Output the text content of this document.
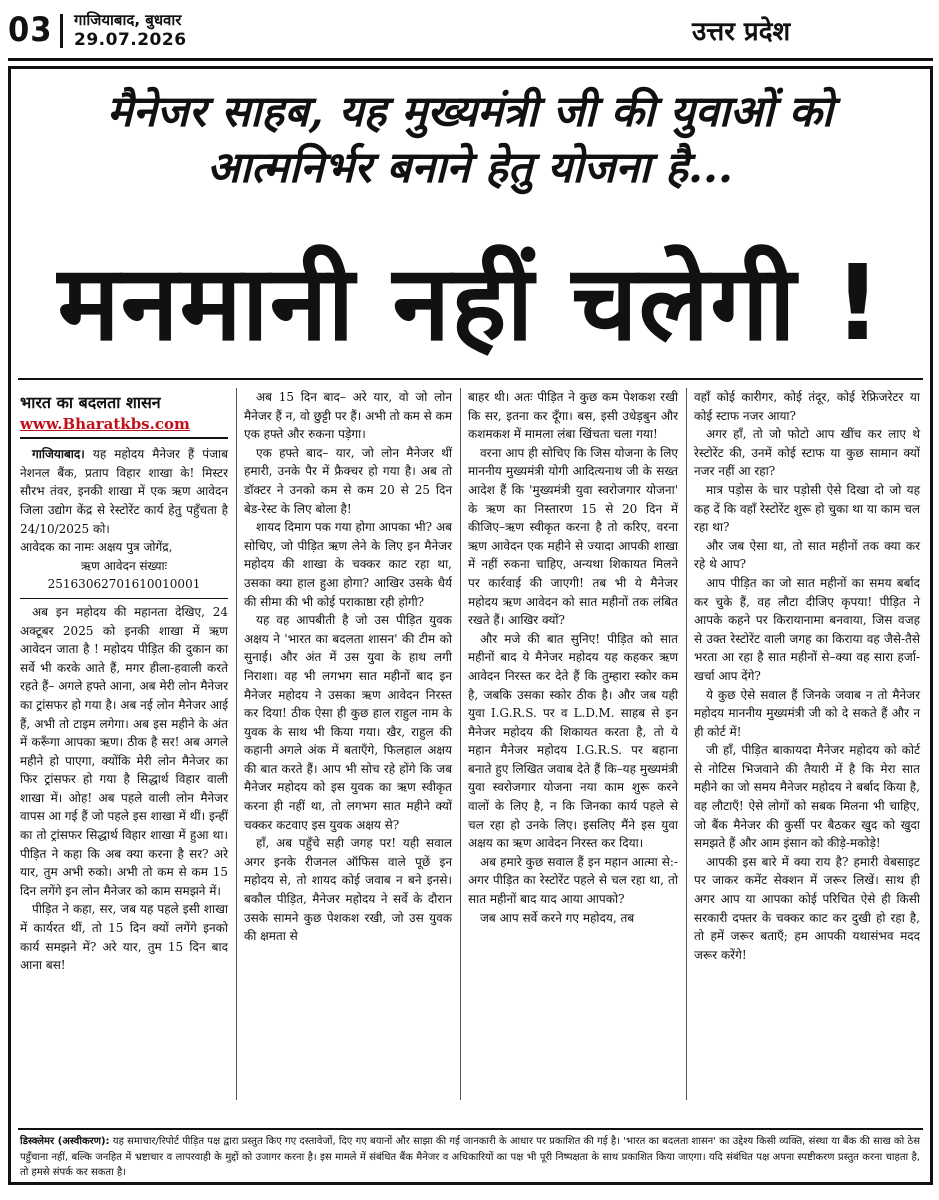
03 गाजियाबाद, बुधवार
29.07.2026	उत्तर प्रदेश
मैनेजर साहब, यह मुख्यमंत्री जी की युवाओं को
आत्मनिर्भर बनाने हेतु योजना है...
मनमानी नहीं चलेगी !
भारत का बदलता शासन
www.Bharatkbs.com

गाजियाबाद। यह महोदय मैनेजर हैं पंजाब नेशनल बैंक, प्रताप विहार शाखा के! मिस्टर सौरभ तंवर, इनकी शाखा में एक ऋण आवेदन जिला उद्योग केंद्र से रेस्टोरेंट कार्य हेतु पहुँचता है 24/10/2025 को।

आवेदक का नामः अक्षय पुत्र जोगेंद्र,

ऋण आवेदन संख्याः

25163062701610010001

अब इन महोदय की महानता देखिए, 24 अक्टूबर 2025 को इनकी शाखा में ऋण आवेदन जाता है ! महोदय पीड़ित की दुकान का सर्वे भी करके आते हैं, मगर हीला-हवाली करते रहते हैं– अगले हफ्ते आना, अब मेरी लोन मैनेजर का ट्रांसफर हो गया है। अब नई लोन मैनेजर आई हैं, अभी तो टाइम लगेगा। अब इस महीने के अंत में करूँगा आपका ऋण। ठीक है सर! अब अगले महीने हो पाएगा, क्योंकि मेरी लोन मैनेजर का फिर ट्रांसफर हो गया है सिद्धार्थ विहार वाली शाखा में। ओह! अब पहले वाली लोन मैनेजर वापस आ गई हैं जो पहले इस शाखा में थीं। इन्हीं का तो ट्रांसफर सिद्धार्थ विहार शाखा में हुआ था। पीड़ित ने कहा कि अब क्या करना है सर? अरे यार, तुम अभी रुको। अभी तो कम से कम 15 दिन लगेंगे इन लोन मैनेजर को काम समझने में।

पीड़ित ने कहा, सर, जब यह पहले इसी शाखा में कार्यरत थीं, तो 15 दिन क्यों लगेंगे इनको कार्य समझने में? अरे यार, तुम 15 दिन बाद आना बस!

अब 15 दिन बाद– अरे यार, वो जो लोन मैनेजर हैं न, वो छुट्टी पर हैं। अभी तो कम से कम एक हफ्ते और रुकना पड़ेगा।

एक हफ्ते बाद– यार, जो लोन मैनेजर थीं हमारी, उनके पैर में फ्रैक्चर हो गया है। अब तो डॉक्टर ने उनको कम से कम 20 से 25 दिन बेड-रेस्ट के लिए बोला है!

शायद दिमाग पक गया होगा आपका भी? अब सोचिए, जो पीड़ित ऋण लेने के लिए इन मैनेजर महोदय की शाखा के चक्कर काट रहा था, उसका क्या हाल हुआ होगा? आखिर उसके धैर्य की सीमा की भी कोई पराकाष्ठा रही होगी?

यह वह आपबीती है जो उस पीड़ित युवक अक्षय ने 'भारत का बदलता शासन' की टीम को सुनाई। और अंत में उस युवा के हाथ लगी निराशा। वह भी लगभग सात महीनों बाद इन मैनेजर महोदय ने उसका ऋण आवेदन निरस्त कर दिया! ठीक ऐसा ही कुछ हाल राहुल नाम के युवक के साथ भी किया गया। खैर, राहुल की कहानी अगले अंक में बताएँगे, फिलहाल अक्षय की बात करते हैं। आप भी सोच रहे होंगे कि जब मैनेजर महोदय को इस युवक का ऋण स्वीकृत करना ही नहीं था, तो लगभग सात महीने क्यों चक्कर कटवाए इस युवक अक्षय से?

हाँ, अब पहुँचे सही जगह पर! यही सवाल अगर इनके रीजनल ऑफिस वाले पूछें इन महोदय से, तो शायद कोई जवाब न बने इनसे। बकौल पीड़ित, मैनेजर महोदय ने सर्वे के दौरान उसके सामने कुछ पेशकश रखी, जो उस युवक की क्षमता से

बाहर थी। अतः पीड़ित ने कुछ कम पेशकश रखी कि सर, इतना कर दूँगा। बस, इसी उधेड़बुन और कशमकश में मामला लंबा खिंचता चला गया!

वरना आप ही सोचिए कि जिस योजना के लिए माननीय मुख्यमंत्री योगी आदित्यनाथ जी के सख्त आदेश हैं कि 'मुख्यमंत्री युवा स्वरोजगार योजना' के ऋण का निस्तारण 15 से 20 दिन में कीजिए–ऋण स्वीकृत करना है तो करिए, वरना ऋण आवेदन एक महीने से ज्यादा आपकी शाखा में नहीं रुकना चाहिए, अन्यथा शिकायत मिलने पर कार्रवाई की जाएगी! तब भी ये मैनेजर महोदय ऋण आवेदन को सात महीनों तक लंबित रखते हैं। आखिर क्यों?

और मजे की बात सुनिए! पीड़ित को सात महीनों बाद ये मैनेजर महोदय यह कहकर ऋण आवेदन निरस्त कर देते हैं कि तुम्हारा स्कोर कम है, जबकि उसका स्कोर ठीक है। और जब यही युवा I.G.R.S. पर व L.D.M. साहब से इन मैनेजर महोदय की शिकायत करता है, तो ये महान मैनेजर महोदय I.G.R.S. पर बहाना बनाते हुए लिखित जवाब देते हैं कि–यह मुख्यमंत्री युवा स्वरोजगार योजना नया काम शुरू करने वालों के लिए है, न कि जिनका कार्य पहले से चल रहा हो उनके लिए। इसलिए मैंने इस युवा अक्षय का ऋण आवेदन निरस्त कर दिया।

अब हमारे कुछ सवाल हैं इन महान आत्मा से:- अगर पीड़ित का रेस्टोरेंट पहले से चल रहा था, तो सात महीनों बाद याद आया आपको?

जब आप सर्वे करने गए महोदय, तब

वहाँ कोई कारीगर, कोई तंदूर, कोई रेफ्रिजरेटर या कोई स्टाफ नजर आया?

अगर हाँ, तो जो फोटो आप खींच कर लाए थे रेस्टोरेंट की, उनमें कोई स्टाफ या कुछ सामान क्यों नजर नहीं आ रहा?

मात्र पड़ोस के चार पड़ोसी ऐसे दिखा दो जो यह कह दें कि वहाँ रेस्टोरेंट शुरू हो चुका था या काम चल रहा था?

और जब ऐसा था, तो सात महीनों तक क्या कर रहे थे आप?

आप पीड़ित का जो सात महीनों का समय बर्बाद कर चुके हैं, वह लौटा दीजिए कृपया! पीड़ित ने आपके कहने पर किरायानामा बनवाया, जिस वजह से उक्त रेस्टोरेंट वाली जगह का किराया वह जैसे-तैसे भरता आ रहा है सात महीनों से–क्या वह सारा हर्जा-खर्चा आप देंगे?

ये कुछ ऐसे सवाल हैं जिनके जवाब न तो मैनेजर महोदय माननीय मुख्यमंत्री जी को दे सकते हैं और न ही कोर्ट में!

जी हाँ, पीड़ित बाकायदा मैनेजर महोदय को कोर्ट से नोटिस भिजवाने की तैयारी में है कि मेरा सात महीने का जो समय मैनेजर महोदय ने बर्बाद किया है, वह लौटाएँ! ऐसे लोगों को सबक मिलना भी चाहिए, जो बैंक मैनेजर की कुर्सी पर बैठकर खुद को खुदा समझते हैं और आम इंसान को कीड़े-मकोड़े!

आपकी इस बारे में क्या राय है? हमारी वेबसाइट पर जाकर कमेंट सेक्शन में जरूर लिखें। साथ ही अगर आप या आपका कोई परिचित ऐसे ही किसी सरकारी दफ्तर के चक्कर काट कर दुखी हो रहा है, तो हमें जरूर बताएँ; हम आपकी यथासंभव मदद जरूर करेंगे!

डिस्क्लेमर (अस्वीकरण): यह समाचार/रिपोर्ट पीड़ित पक्ष द्वारा प्रस्तुत किए गए दस्तावेजों, दिए गए बयानों और साझा की गई जानकारी के आधार पर प्रकाशित की गई है। 'भारत का बदलता शासन' का उद्देश्य किसी व्यक्ति, संस्था या बैंक की साख को ठेस पहुँचाना नहीं, बल्कि जनहित में भ्रष्टाचार व लापरवाही के मुद्दों को उजागर करना है। इस मामले में संबंधित बैंक मैनेजर व अधिकारियों का पक्ष भी पूरी निष्पक्षता के साथ प्रकाशित किया जाएगा। यदि संबंधित पक्ष अपना स्पष्टीकरण प्रस्तुत करना चाहता है, तो हमसे संपर्क कर सकता है।
